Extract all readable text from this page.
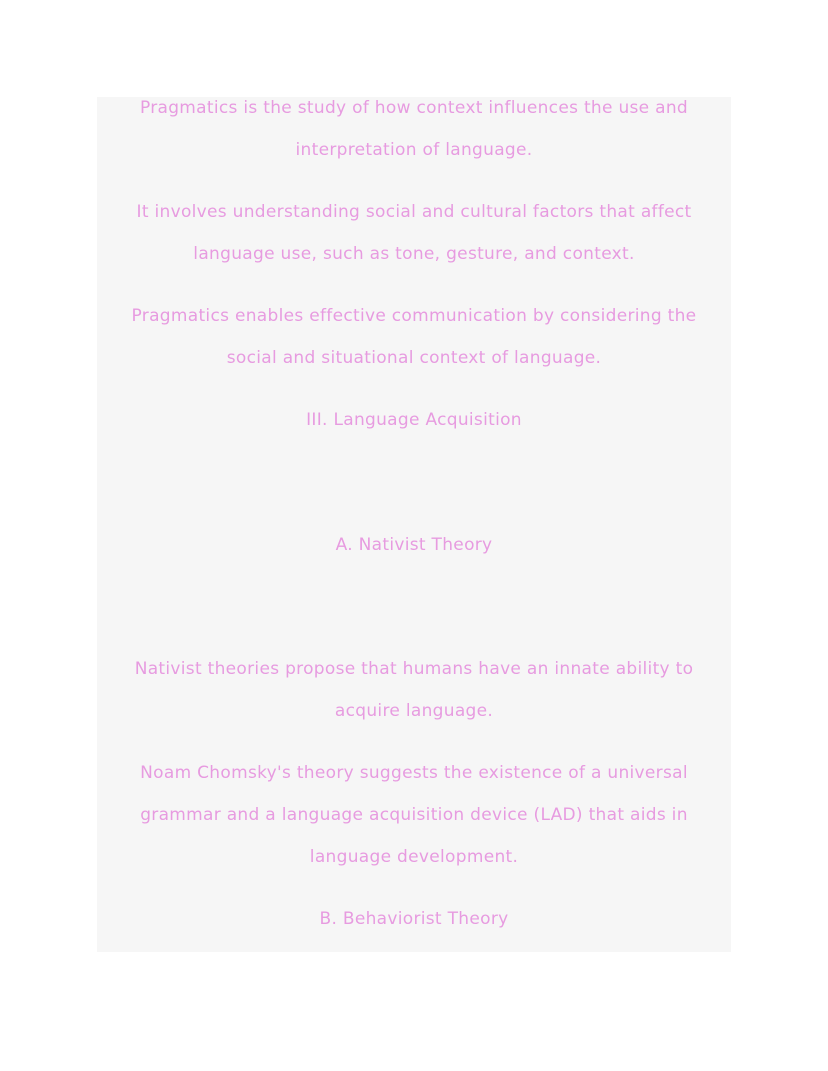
Pragmatics is the study of how context influences the use and
interpretation of language.
It involves understanding social and cultural factors that affect
language use, such as tone, gesture, and context.
Pragmatics enables effective communication by considering the
social and situational context of language.
III. Language Acquisition
A. Nativist Theory
Nativist theories propose that humans have an innate ability to
acquire language.
Noam Chomsky's theory suggests the existence of a universal
grammar and a language acquisition device (LAD) that aids in
language development.
B. Behaviorist Theory
